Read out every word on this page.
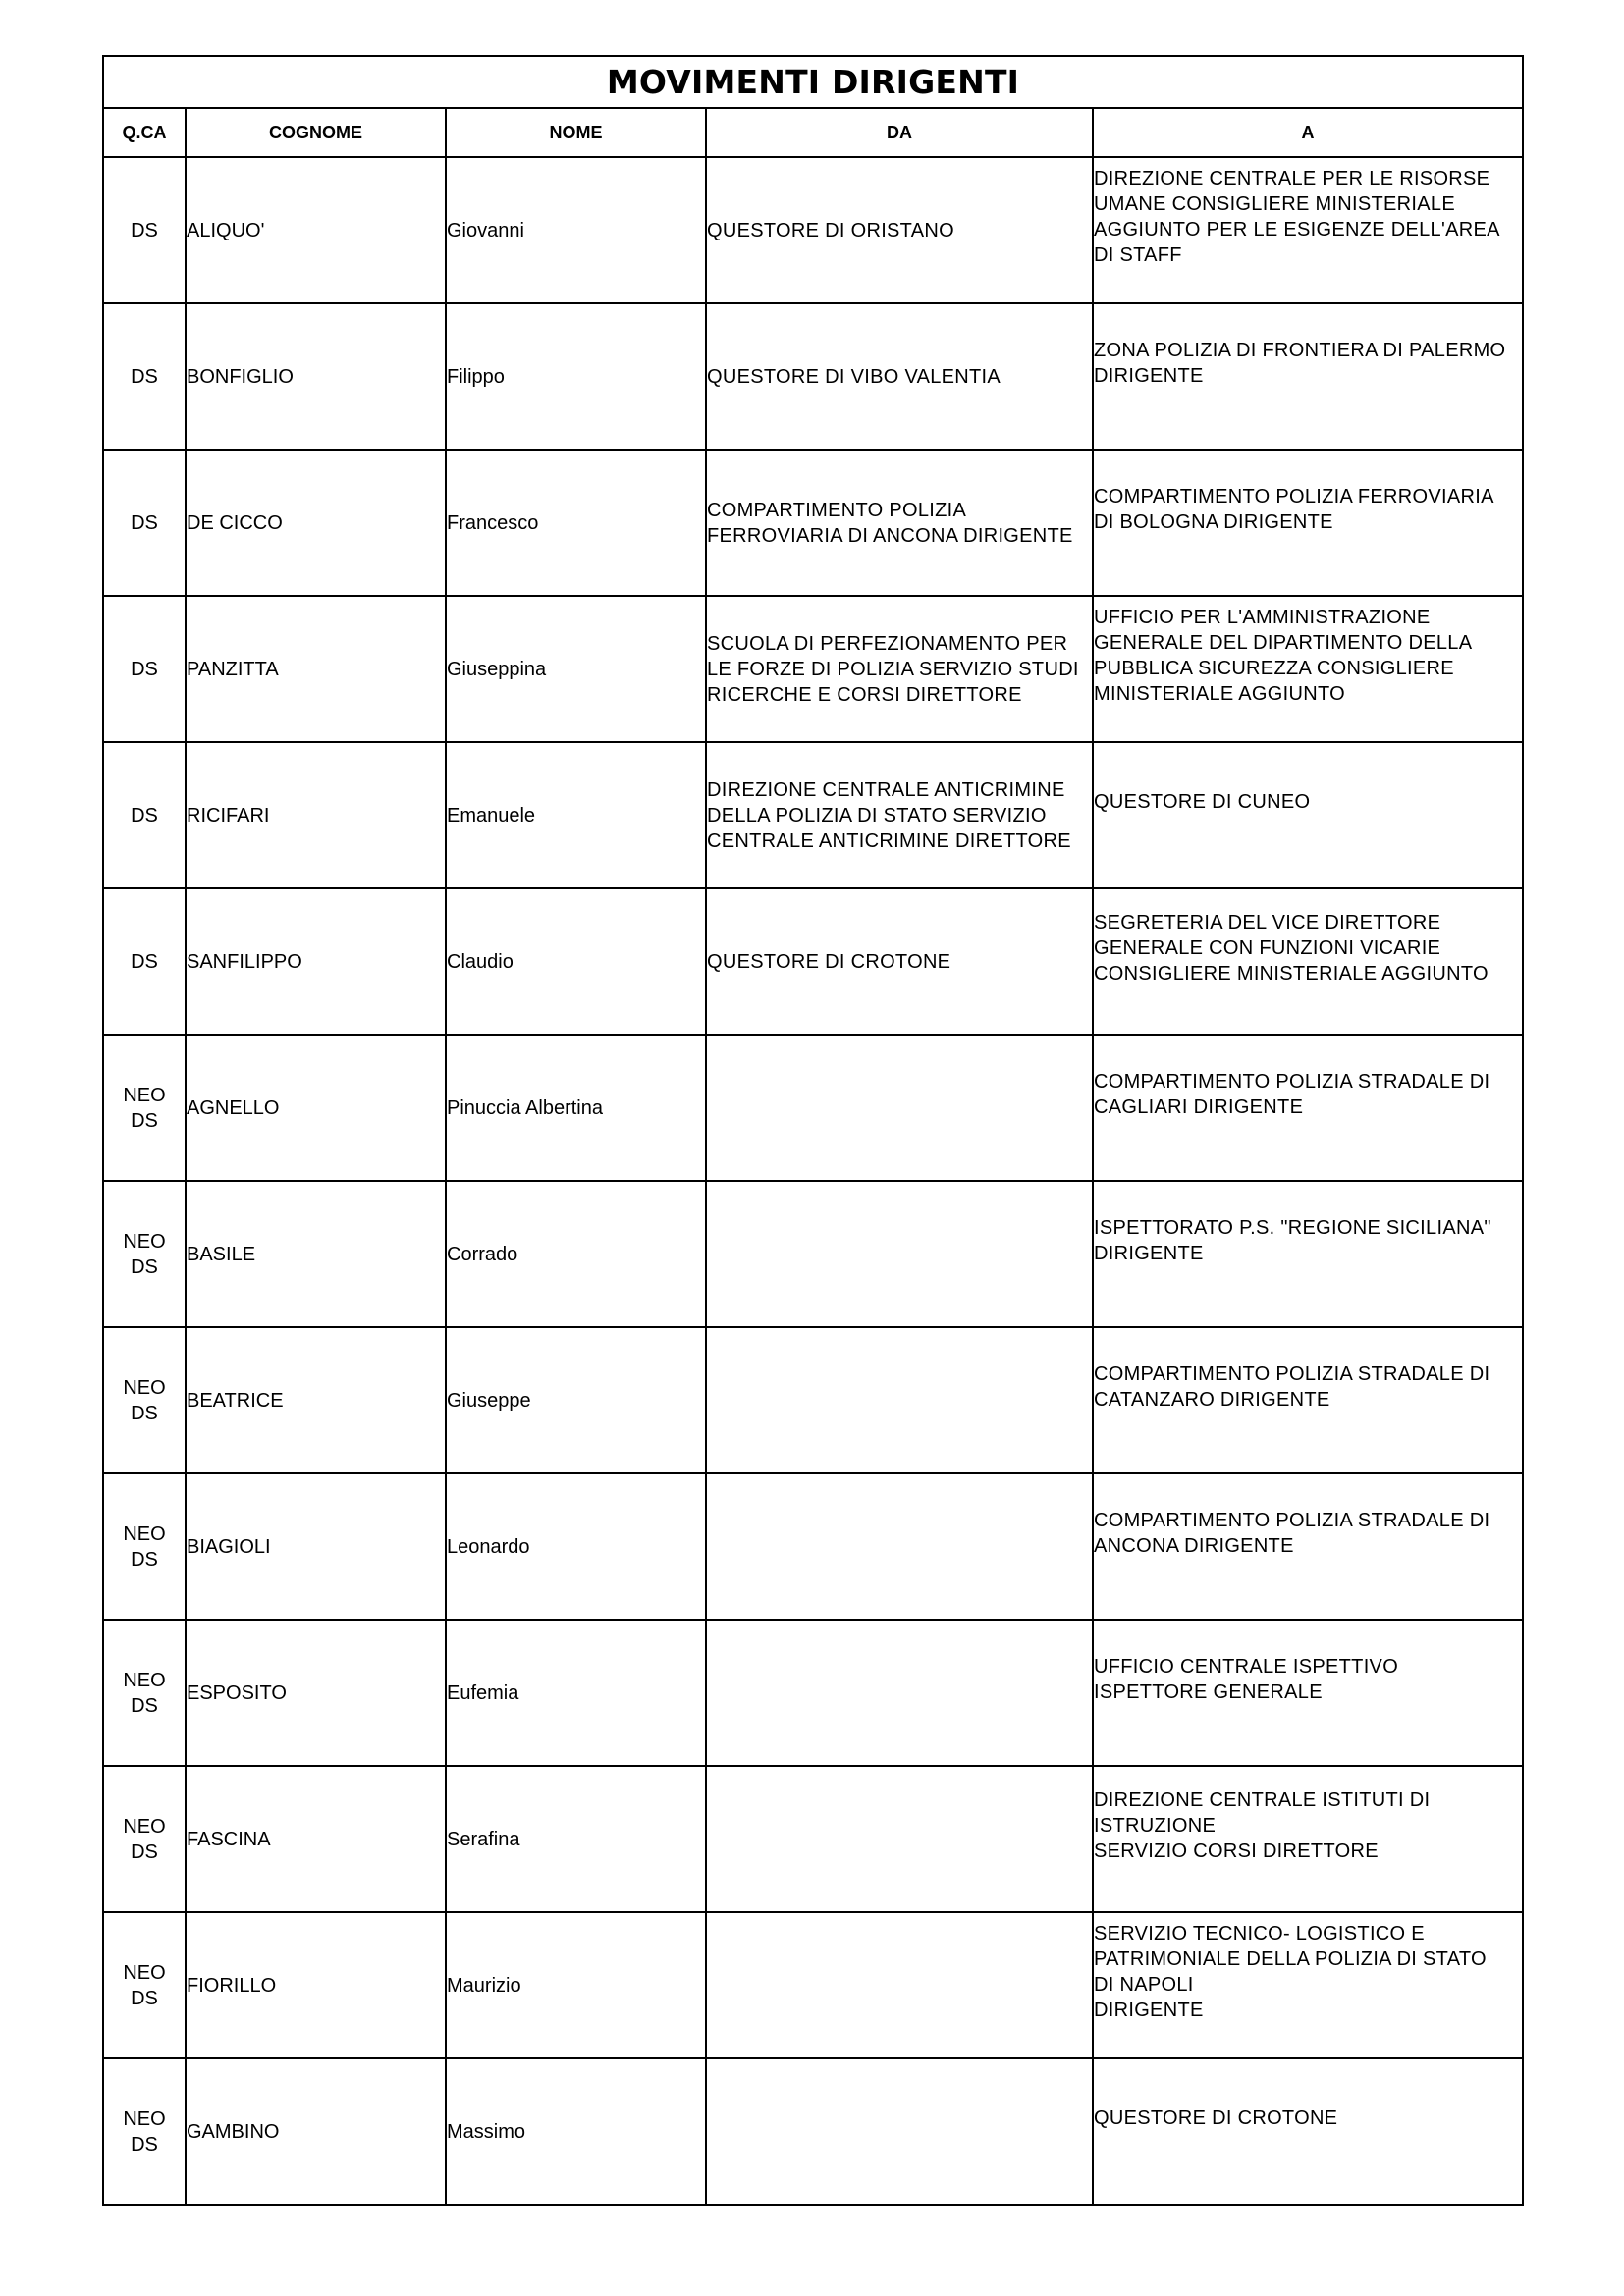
MOVIMENTI DIRIGENTI				
Q.CA	COGNOME	NOME	DA	A

DS	ALIQUO'	Giovanni	QUESTORE DI ORISTANO	DIREZIONE CENTRALE PER LE RISORSE
UMANE CONSIGLIERE MINISTERIALE
AGGIUNTO PER LE ESIGENZE DELL'AREA
DI STAFF

DS	BONFIGLIO	Filippo	QUESTORE DI VIBO VALENTIA	ZONA POLIZIA DI FRONTIERA DI PALERMO
DIRIGENTE

DS	DE CICCO	Francesco	COMPARTIMENTO POLIZIA
FERROVIARIA DI ANCONA DIRIGENTE	COMPARTIMENTO POLIZIA FERROVIARIA
DI BOLOGNA DIRIGENTE

DS	PANZITTA	Giuseppina	SCUOLA DI PERFEZIONAMENTO PER
LE FORZE DI POLIZIA SERVIZIO STUDI
RICERCHE E CORSI DIRETTORE	UFFICIO PER L'AMMINISTRAZIONE
GENERALE DEL DIPARTIMENTO DELLA
PUBBLICA SICUREZZA CONSIGLIERE
MINISTERIALE AGGIUNTO

DS	RICIFARI	Emanuele	DIREZIONE CENTRALE ANTICRIMINE
DELLA POLIZIA DI STATO SERVIZIO
CENTRALE ANTICRIMINE DIRETTORE	QUESTORE DI CUNEO

DS	SANFILIPPO	Claudio	QUESTORE DI CROTONE	SEGRETERIA DEL VICE DIRETTORE
GENERALE CON FUNZIONI VICARIE
CONSIGLIERE MINISTERIALE AGGIUNTO

NEO
DS	AGNELLO	Pinuccia Albertina		COMPARTIMENTO POLIZIA STRADALE DI
CAGLIARI DIRIGENTE

NEO
DS	BASILE	Corrado		ISPETTORATO P.S. "REGIONE SICILIANA"
DIRIGENTE

NEO
DS	BEATRICE	Giuseppe		COMPARTIMENTO POLIZIA STRADALE DI
CATANZARO DIRIGENTE

NEO
DS	BIAGIOLI	Leonardo		COMPARTIMENTO POLIZIA STRADALE DI
ANCONA DIRIGENTE

NEO
DS	ESPOSITO	Eufemia		UFFICIO CENTRALE ISPETTIVO
ISPETTORE GENERALE

NEO
DS	FASCINA	Serafina		DIREZIONE CENTRALE ISTITUTI DI
ISTRUZIONE
SERVIZIO CORSI DIRETTORE

NEO
DS	FIORILLO	Maurizio		SERVIZIO TECNICO- LOGISTICO E
PATRIMONIALE DELLA POLIZIA DI STATO
DI NAPOLI
DIRIGENTE

NEO
DS	GAMBINO	Massimo		QUESTORE DI CROTONE
